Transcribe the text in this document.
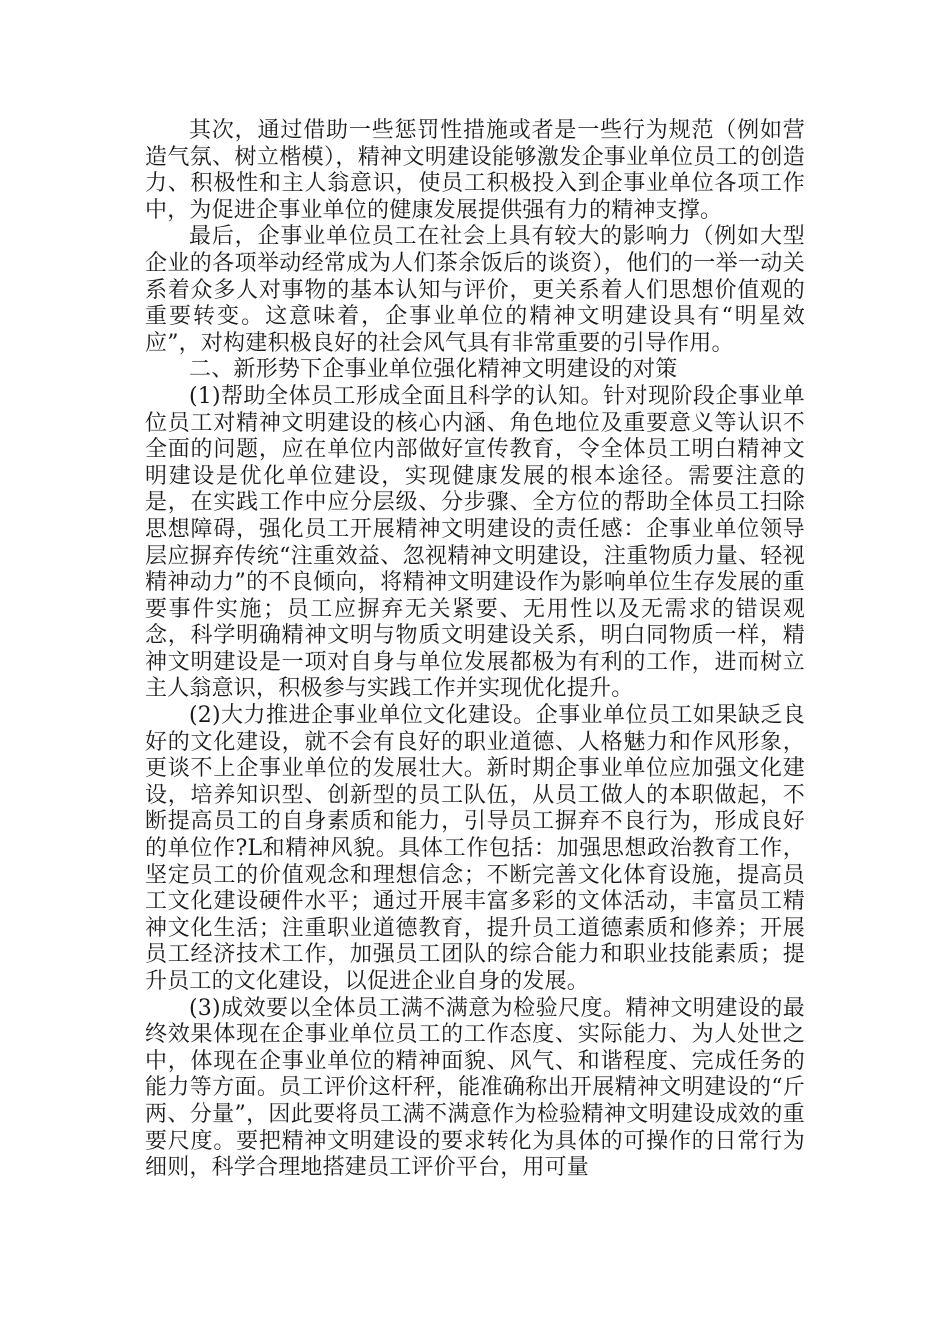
其次，通过借助一些惩罚性措施或者是一些行为规范（例如营造气氛、树立楷模），精神文明建设能够激发企事业单位员工的创造力、积极性和主人翁意识，使员工积极投入到企事业单位各项工作中，为促进企事业单位的健康发展提供强有力的精神支撑。

最后，企事业单位员工在社会上具有较大的影响力（例如大型企业的各项举动经常成为人们茶余饭后的谈资），他们的一举一动关系着众多人对事物的基本认知与评价，更关系着人们思想价值观的重要转变。这意味着，企事业单位的精神文明建设具有“明星效应”，对构建积极良好的社会风气具有非常重要的引导作用。

二、新形势下企事业单位强化精神文明建设的对策

(1)帮助全体员工形成全面且科学的认知。针对现阶段企事业单位员工对精神文明建设的核心内涵、角色地位及重要意义等认识不全面的问题，应在单位内部做好宣传教育，令全体员工明白精神文明建设是优化单位建设，实现健康发展的根本途径。需要注意的是，在实践工作中应分层级、分步骤、全方位的帮助全体员工扫除思想障碍，强化员工开展精神文明建设的责任感：企事业单位领导层应摒弃传统“注重效益、忽视精神文明建设，注重物质力量、轻视精神动力”的不良倾向，将精神文明建设作为影响单位生存发展的重要事件实施；员工应摒弃无关紧要、无用性以及无需求的错误观念，科学明确精神文明与物质文明建设关系，明白同物质一样，精神文明建设是一项对自身与单位发展都极为有利的工作，进而树立主人翁意识，积极参与实践工作并实现优化提升。

(2)大力推进企事业单位文化建设。企事业单位员工如果缺乏良好的文化建设，就不会有良好的职业道德、人格魅力和作风形象，更谈不上企事业单位的发展壮大。新时期企事业单位应加强文化建设，培养知识型、创新型的员工队伍，从员工做人的本职做起，不断提高员工的自身素质和能力，引导员工摒弃不良行为，形成良好的单位作?L和精神风貌。具体工作包括：加强思想政治教育工作，坚定员工的价值观念和理想信念；不断完善文化体育设施，提高员工文化建设硬件水平；通过开展丰富多彩的文体活动，丰富员工精神文化生活；注重职业道德教育，提升员工道德素质和修养；开展员工经济技术工作，加强员工团队的综合能力和职业技能素质；提升员工的文化建设，以促进企业自身的发展。

(3)成效要以全体员工满不满意为检验尺度。精神文明建设的最终效果体现在企事业单位员工的工作态度、实际能力、为人处世之中，体现在企事业单位的精神面貌、风气、和谐程度、完成任务的能力等方面。员工评价这杆秤，能准确称出开展精神文明建设的“斤两、分量”，因此要将员工满不满意作为检验精神文明建设成效的重要尺度。要把精神文明建设的要求转化为具体的可操作的日常行为细则，科学合理地搭建员工评价平台，用可量
